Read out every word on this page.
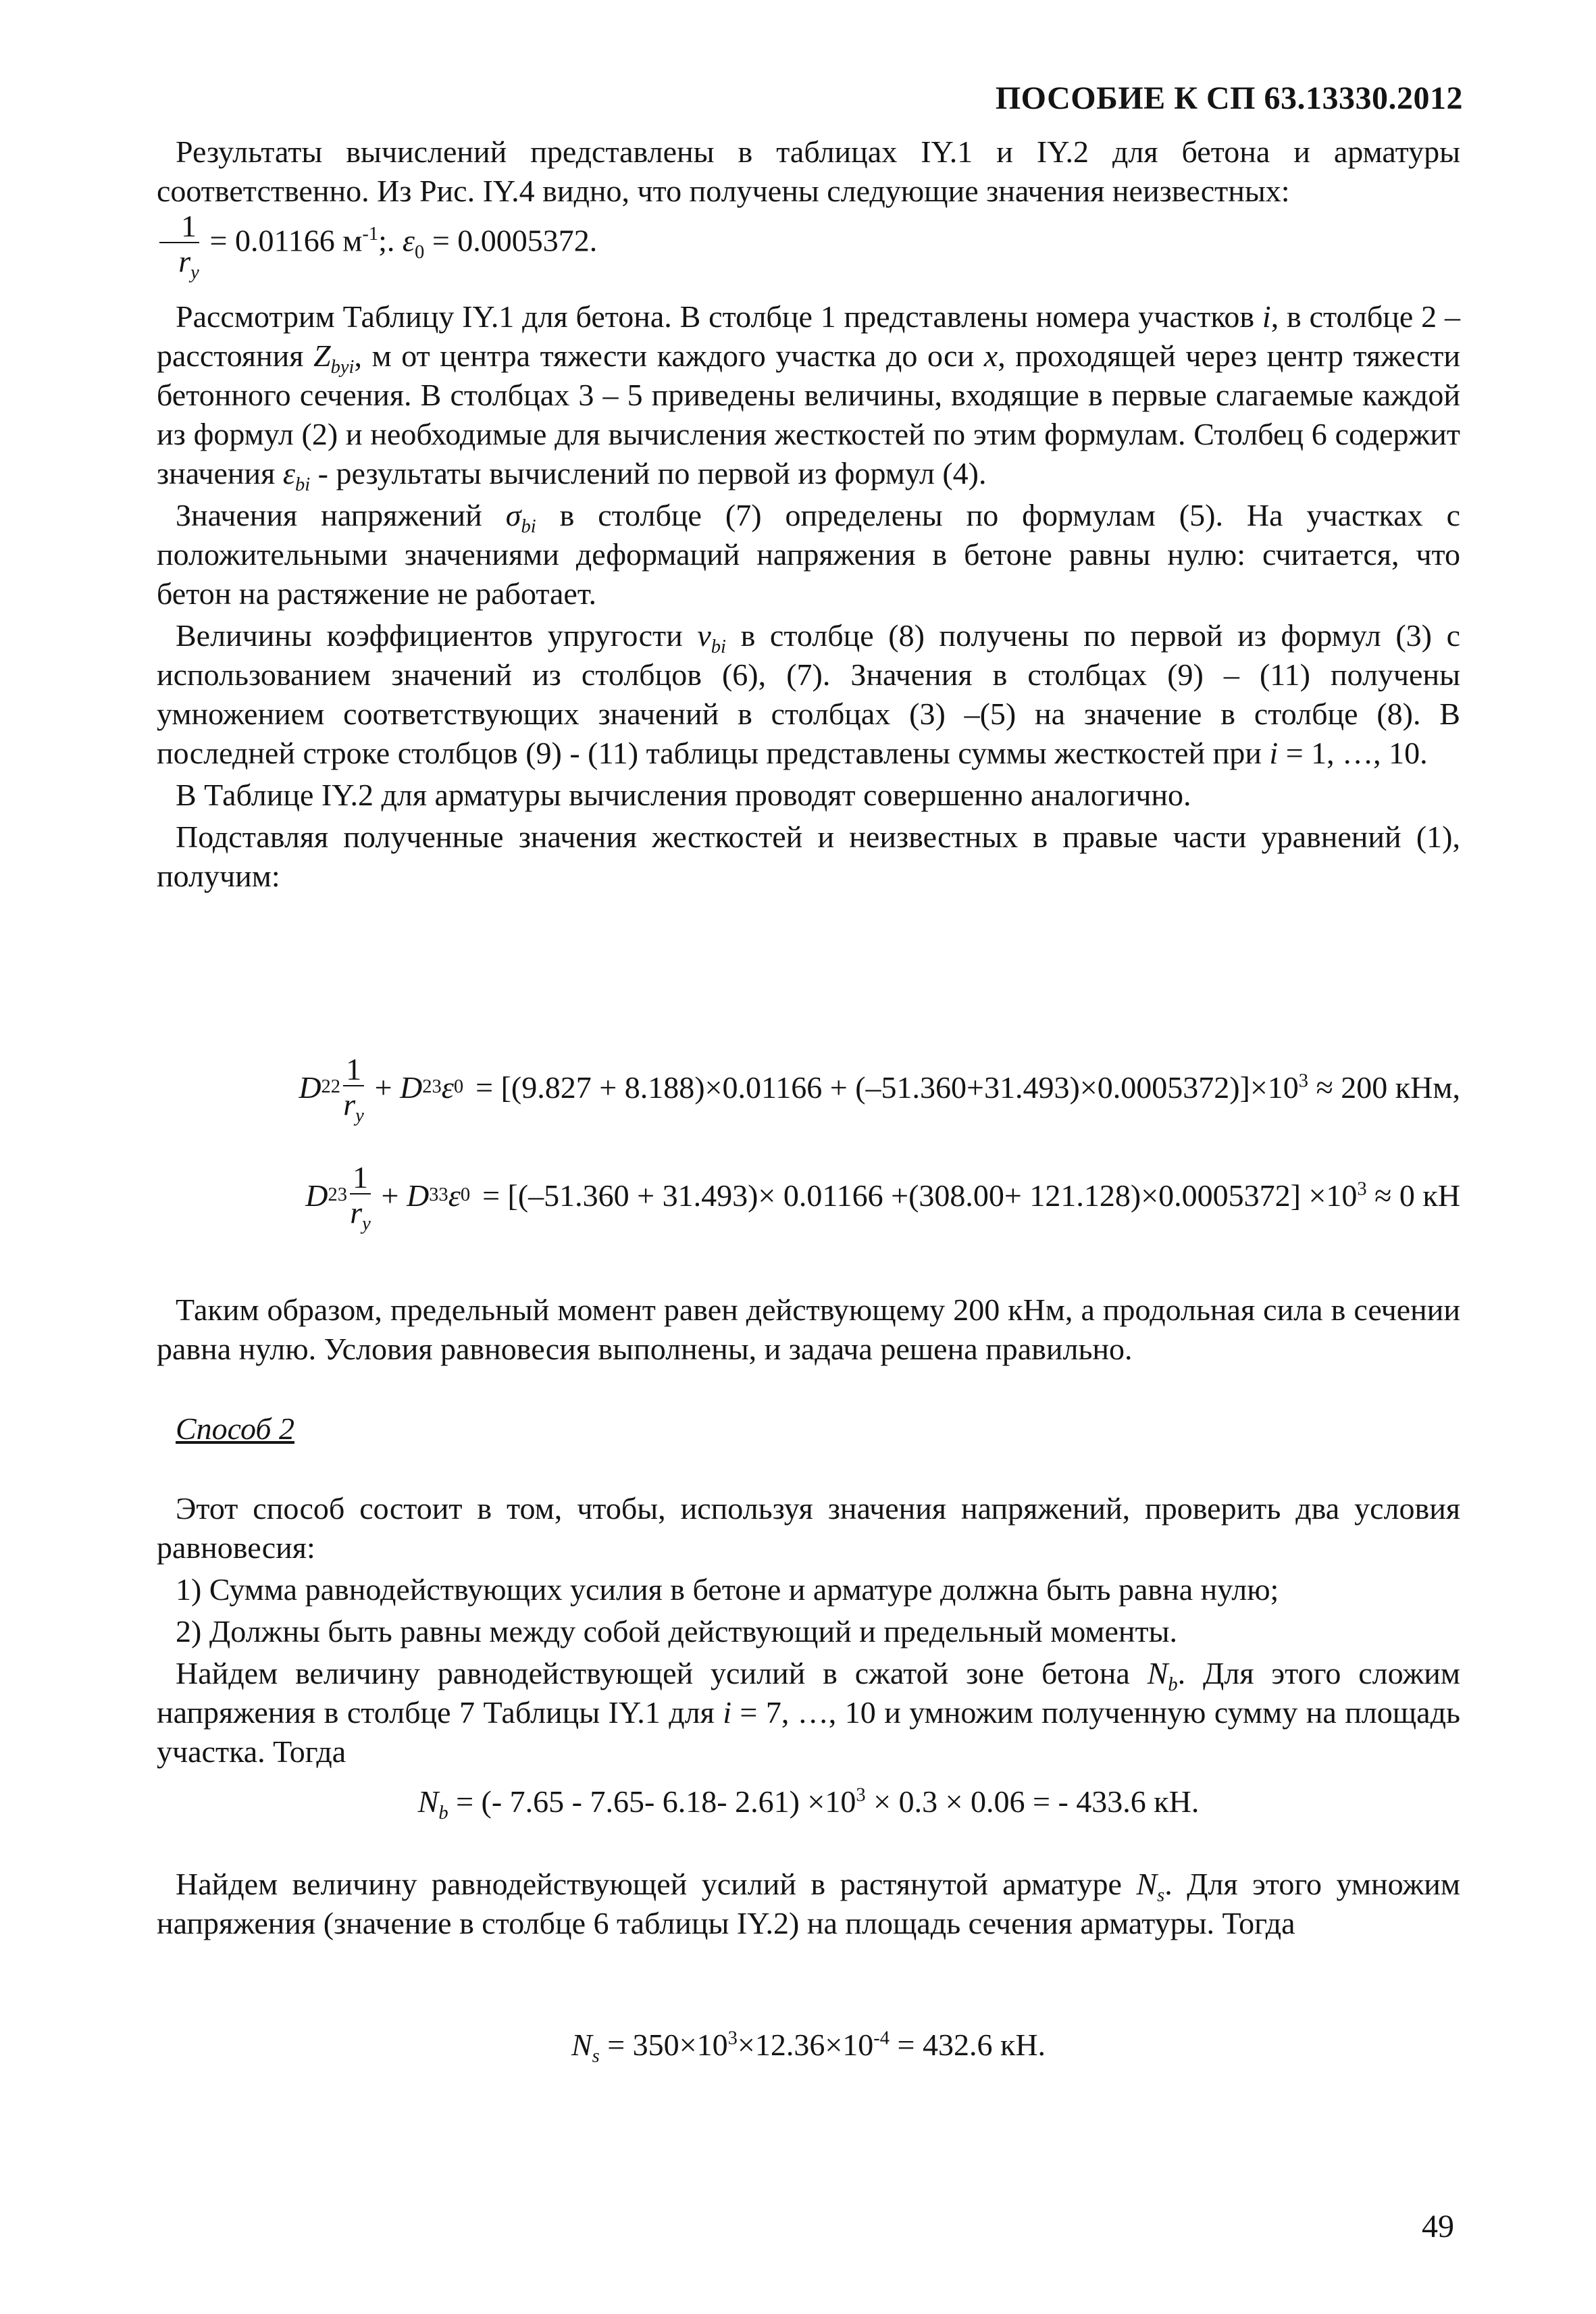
ПОСОБИЕ К СП 63.13330.2012

Результаты вычислений представлены в таблицах IY.1 и IY.2 для бетона и арматуры соответственно. Из Рис. IY.4 видно, что получены следующие значения неизвестных:

$\frac{1}{r_y} = 0.01166$ $м^{-1}$;. $\varepsilon_0 = 0.0005372$.

Рассмотрим Таблицу IY.1 для бетона. В столбце 1 представлены номера участков i, в столбце 2 – расстояния $Z_{byi}$, м от центра тяжести каждого участка до оси x, проходящей через центр тяжести бетонного сечения. В столбцах 3 – 5 приведены величины, входящие в первые слагаемые каждой из формул (2) и необходимые для вычисления жесткостей по этим формулам. Столбец 6 содержит значения $\varepsilon_{bi}$ - результаты вычислений по первой из формул (4).

Значения напряжений $\sigma_{bi}$ в столбце (7) определены по формулам (5). На участках с положительными значениями деформаций напряжения в бетоне равны нулю: считается, что бетон на растяжение не работает.

Величины коэффициентов упругости $\nu_{bi}$ в столбце (8) получены по первой из формул (3) с использованием значений из столбцов (6), (7). Значения в столбцах (9) – (11) получены умножением соответствующих значений в столбцах (3) –(5) на значение в столбце (8). В последней строке столбцов (9) - (11) таблицы представлены суммы жесткостей при i = 1, …, 10.

В Таблице IY.2 для арматуры вычисления проводят совершенно аналогично.

Подставляя полученные значения жесткостей и неизвестных в правые части уравнений (1), получим:

D $22 \frac{1}{r_y} + D$ 23 ε $0 = [(9.827 + 8.188)\times 0.01166 + (-51.360+31.493)\times 0.0005372)]\times 10^3 \approx 200$ кНм,
D $23 \frac{1}{r_y} + D$ 33 ε $0 = [(-51.360 + 31.493)\times 0.01166 +(308.00+ 121.128)\times 0.0005372] \times 10^3 \approx 0$ кН

Таким образом, предельный момент равен действующему 200 кНм, а продольная сила в сечении равна нулю. Условия равновесия выполнены, и задача решена правильно.

Способ 2

Этот способ состоит в том, чтобы, используя значения напряжений, проверить два условия равновесия:

1) Сумма равнодействующих усилия в бетоне и арматуре должна быть равна нулю;

2) Должны быть равны между собой действующий и предельный моменты.

Найдем величину равнодействующей усилий в сжатой зоне бетона $N_b$. Для этого сложим напряжения в столбце 7 Таблицы IY.1 для i = 7, …, 10 и умножим полученную сумму на площадь участка. Тогда

$N_b$ = (- 7.65 - 7.65- 6.18- $2.61) \times 10^3 \times 0.3 \times 0.06$ = - 433.6 кН.

Найдем величину равнодействующей усилий в растянутой арматуре $N_s$. Для этого умножим напряжения (значение в столбце 6 таблицы IY.2) на площадь сечения арматуры. Тогда

$N_s = 350\times 10^3\times 12.36\times 10^{-4} = 432.6$ кН.
49
